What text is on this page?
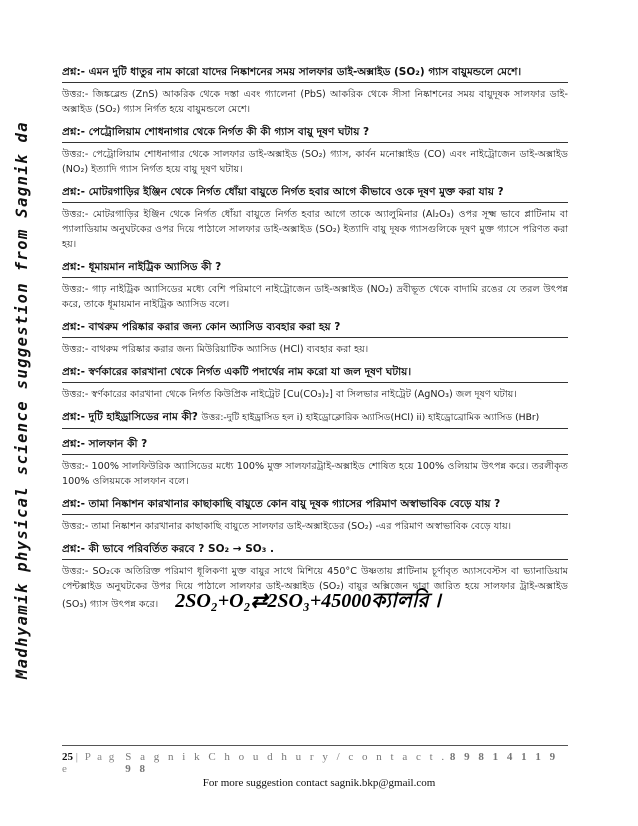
Madhyamik physical science suggestion from Sagnik da
প্রশ্ন:- এমন দুটি ধাতুর নাম কারো যাদের নিষ্কাশনের সময় সালফার ডাই-অক্সাইড (SO₂) গ্যাস বায়ুমন্ডলে মেশে।
উত্তর:- জিঙ্কব্লেন্ড (ZnS) আকরিক থেকে দস্তা এবং গ্যালেনা (PbS) আকরিক থেকে সীসা নিষ্কাশনের সময় বায়ুদূষক সালফার ডাই-অক্সাইড (SO₂) গ্যাস নির্গত হয়ে বায়ুমন্ডলে মেশে।
প্রশ্ন:- পেট্রোলিয়াম শোধনাগার থেকে নির্গত কী কী গ্যাস বায়ু দূষণ ঘটায় ?
উত্তর:- পেট্রোলিয়াম শোধনাগার থেকে সালফার ডাই-অক্সাইড (SO₂) গ্যাস, কার্বন মনোক্সাইড (CO) এবং নাইট্রোজেন ডাই-অক্সাইড (NO₂) ইত্যাদি গ্যাস নির্গত হয়ে বায়ু দূষণ ঘটায়।
প্রশ্ন:- মোটরগাড়ির ইঞ্জিন থেকে নির্গত ধোঁয়া বায়ুতে নির্গত হবার আগে কীভাবে ওকে দূষণ মুক্ত করা যায় ?
উত্তর:- মোটরগাড়ির ইঞ্জিন থেকে নির্গত ধোঁয়া বায়ুতে নির্গত হবার আগে তাকে অ্যালুমিনার (Al₂O₃) ওপর সূক্ষ্ম ভাবে প্লাটিনাম বা প্যালাডিয়াম অনুঘটকের ওপর দিয়ে পাঠালে সালফার ডাই-অক্সাইড (SO₂) ইত্যাদি বায়ু দূষক গ্যাসগুলিকে দূষণ মুক্ত গ্যাসে পরিণত করা হয়।
প্রশ্ন:- ধূমায়মান নাইট্রিক অ্যাসিড কী ?
উত্তর:- গাঢ় নাইট্রিক অ্যাসিডের মধ্যে বেশি পরিমাণে নাইট্রোজেন ডাই-অক্সাইড (NO₂) দ্রবীভূত থেকে বাদামি রঙের যে তরল উৎপন্ন করে, তাকে ধূমায়মান নাইট্রিক অ্যাসিড বলে।
প্রশ্ন:- বাথরুম পরিষ্কার করার জন্য কোন অ্যাসিড ব্যবহার করা হয় ?
উত্তর:- বাথরুম পরিষ্কার করার জন্য মিউরিয়াটিক অ্যাসিড (HCl) ব্যবহার করা হয়।
প্রশ্ন:- স্বর্ণকারের কারখানা থেকে নির্গত একটি পদার্থের নাম করো যা জল দূষণ ঘটায়।
উত্তর:- স্বর্ণকারের কারখানা থেকে নির্গত কিউপ্রিক নাইট্রেট [Cu(CO₃)₂] বা সিলভার নাইট্রেট (AgNO₃) জল দূষণ ঘটায়।
প্রশ্ন:- দুটি হাইড্রাসিডের নাম কী? উত্তর:-দুটি হাইড্রাসিড হল i) হাইড্রোক্লোরিক অ্যাসিড(HCl) ii) হাইড্রোব্রোমিক অ্যাসিড (HBr)
প্রশ্ন:- সালফান কী ?
উত্তর:- 100% সালফিউরিক অ্যাসিডের মধ্যে 100% মুক্ত সালফারট্রাই-অক্সাইড শোষিত হয়ে 100% ওলিয়াম উৎপন্ন করে। তরলীকৃত 100% ওলিয়মকে সালফান বলে।
প্রশ্ন:- তামা নিষ্কাশন কারখানার কাছাকাছি বায়ুতে কোন বায়ু দূষক গ্যাসের পরিমাণ অস্বাভাবিক বেড়ে যায় ?
উত্তর:- তামা নিষ্কাশন কারখানার কাছাকাছি বায়ুতে সালফার ডাই-অক্সাইডের (SO₂) -এর পরিমাণ অস্বাভাবিক বেড়ে যায়।
প্রশ্ন:- কী ভাবে পরিবর্তিত করবে ? SO₂ → SO₃ .
উত্তর:- SO₂কে অতিরিক্ত পরিমাণ ধূলিকণা মুক্ত বায়ুর সাথে মিশিয়ে 450°C উষ্ণতায় প্লাটিনাম চূর্ণাবৃত অ্যাসবেস্টস বা ভ্যানাডিয়াম পেন্টক্সাইড অনুঘটকের উপর দিয়ে পাঠালে সালফার ডাই-অক্সাইড (SO₂) বায়ুর অক্সিজেন দ্বারা জারিত হয়ে সালফার ট্রাই-অক্সাইড (SO₃) গ্যাস উৎপন্ন করে। 2SO₂+O₂⇄2SO₃+45000ক্যালরি ।
25 | P a g e
S a g n i k C h o u d h u r y / c o n t a c t . 8 9 8 1 4 1 1 9 9 8
For more suggestion contact sagnik.bkp@gmail.com
